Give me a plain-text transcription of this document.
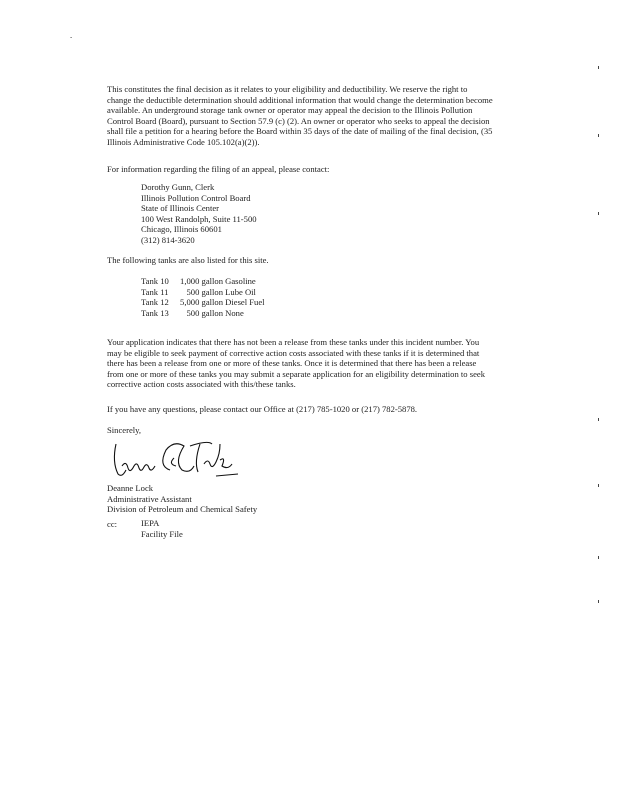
.
This constitutes the final decision as it relates to your eligibility and deductibility. We reserve the right to
change the deductible determination should additional information that would change the determination become
available. An underground storage tank owner or operator may appeal the decision to the Illinois Pollution
Control Board (Board), pursuant to Section 57.9 (c) (2). An owner or operator who seeks to appeal the decision
shall file a petition for a hearing before the Board within 35 days of the date of mailing of the final decision, (35
Illinois Administrative Code 105.102(a)(2)).
For information regarding the filing of an appeal, please contact:
Dorothy Gunn, Clerk
Illinois Pollution Control Board
State of Illinois Center
100 West Randolph, Suite 11-500
Chicago, Illinois 60601
(312) 814-3620
The following tanks are also listed for this site.
Tank 10 1,000 gallon Gasoline
Tank 11 500 gallon Lube Oil
Tank 12 5,000 gallon Diesel Fuel
Tank 13 500 gallon None
Your application indicates that there has not been a release from these tanks under this incident number. You
may be eligible to seek payment of corrective action costs associated with these tanks if it is determined that
there has been a release from one or more of these tanks. Once it is determined that there has been a release
from one or more of these tanks you may submit a separate application for an eligibility determination to seek
corrective action costs associated with this/these tanks.
If you have any questions, please contact our Office at (217) 785-1020 or (217) 782-5878.
Sincerely,
Deanne Lock
Administrative Assistant
Division of Petroleum and Chemical Safety
cc:	IEPA
Facility File
